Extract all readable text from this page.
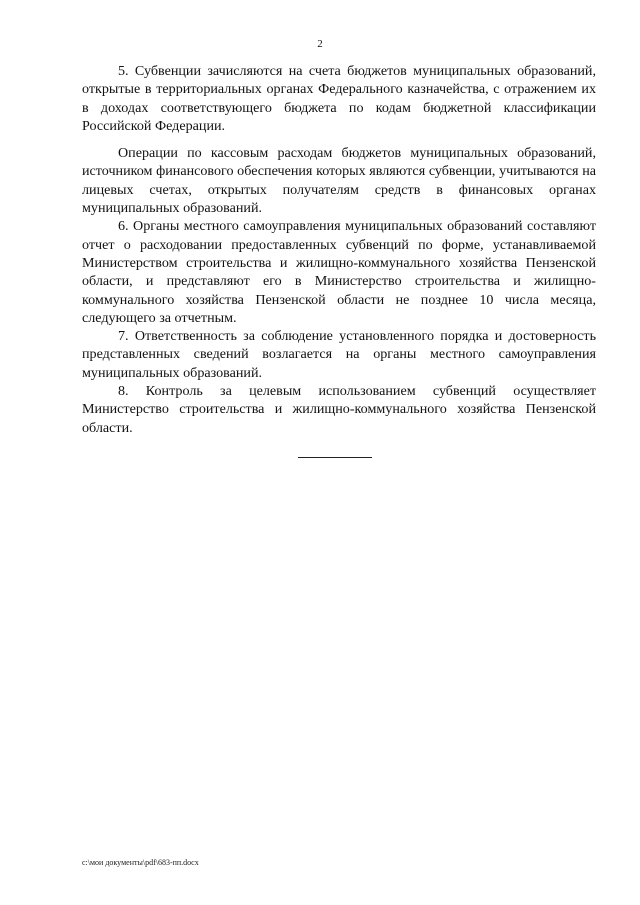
2

5. Субвенции зачисляются на счета бюджетов муниципальных образований, открытые в территориальных органах Федерального казначейства, с отражением их в доходах соответствующего бюджета по кодам бюджетной классификации Российской Федерации.

Операции по кассовым расходам бюджетов муниципальных образований, источником финансового обеспечения которых являются субвенции, учитываются на лицевых счетах, открытых получателям средств в финансовых органах муниципальных образований.

6. Органы местного самоуправления муниципальных образований составляют отчет о расходовании предоставленных субвенций по форме, устанавливаемой Министерством строительства и жилищно-коммунального хозяйства Пензенской области, и представляют его в Министерство строительства и жилищно-коммунального хозяйства Пензенской области не позднее 10 числа месяца, следующего за отчетным.

7. Ответственность за соблюдение установленного порядка и достоверность представленных сведений возлагается на органы местного самоуправления муниципальных образований.

8. Контроль за целевым использованием субвенций осуществляет Министерство строительства и жилищно-коммунального хозяйства Пензенской области.

c:\мои документы\pdf\683-пп.docx
